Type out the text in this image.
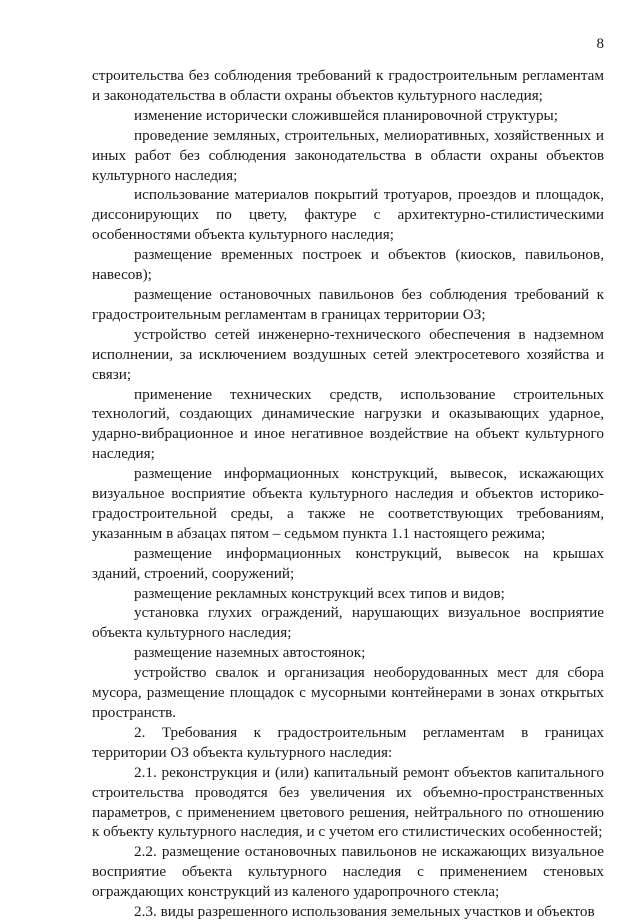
8

строительства без соблюдения требований к градостроительным регламентам и законодательства в области охраны объектов культурного наследия;

изменение исторически сложившейся планировочной структуры;

проведение земляных, строительных, мелиоративных, хозяйственных и иных работ без соблюдения законодательства в области охраны объектов культурного наследия;

использование материалов покрытий тротуаров, проездов и площадок, диссонирующих по цвету, фактуре с архитектурно-стилистическими особенностями объекта культурного наследия;

размещение временных построек и объектов (киосков, павильонов, навесов);

размещение остановочных павильонов без соблюдения требований к градостроительным регламентам в границах территории ОЗ;

устройство сетей инженерно-технического обеспечения в надземном исполнении, за исключением воздушных сетей электросетевого хозяйства и связи;

применение технических средств, использование строительных технологий, создающих динамические нагрузки и оказывающих ударное, ударно-вибрационное и иное негативное воздействие на объект культурного наследия;

размещение информационных конструкций, вывесок, искажающих визуальное восприятие объекта культурного наследия и объектов историко-градостроительной среды, а также не соответствующих требованиям, указанным в абзацах пятом – седьмом пункта 1.1 настоящего режима;

размещение информационных конструкций, вывесок на крышах зданий, строений, сооружений;

размещение рекламных конструкций всех типов и видов;

установка глухих ограждений, нарушающих визуальное восприятие объекта культурного наследия;

размещение наземных автостоянок;

устройство свалок и организация необорудованных мест для сбора мусора, размещение площадок с мусорными контейнерами в зонах открытых пространств.

2. Требования к градостроительным регламентам в границах территории ОЗ объекта культурного наследия:

2.1. реконструкция и (или) капитальный ремонт объектов капитального строительства проводятся без увеличения их объемно-пространственных параметров, с применением цветового решения, нейтрального по отношению к объекту культурного наследия, и с учетом его стилистических особенностей;

2.2. размещение остановочных павильонов не искажающих визуальное восприятие объекта культурного наследия с применением стеновых ограждающих конструкций из каленого ударопрочного стекла;

2.3. виды разрешенного использования земельных участков и объектов
